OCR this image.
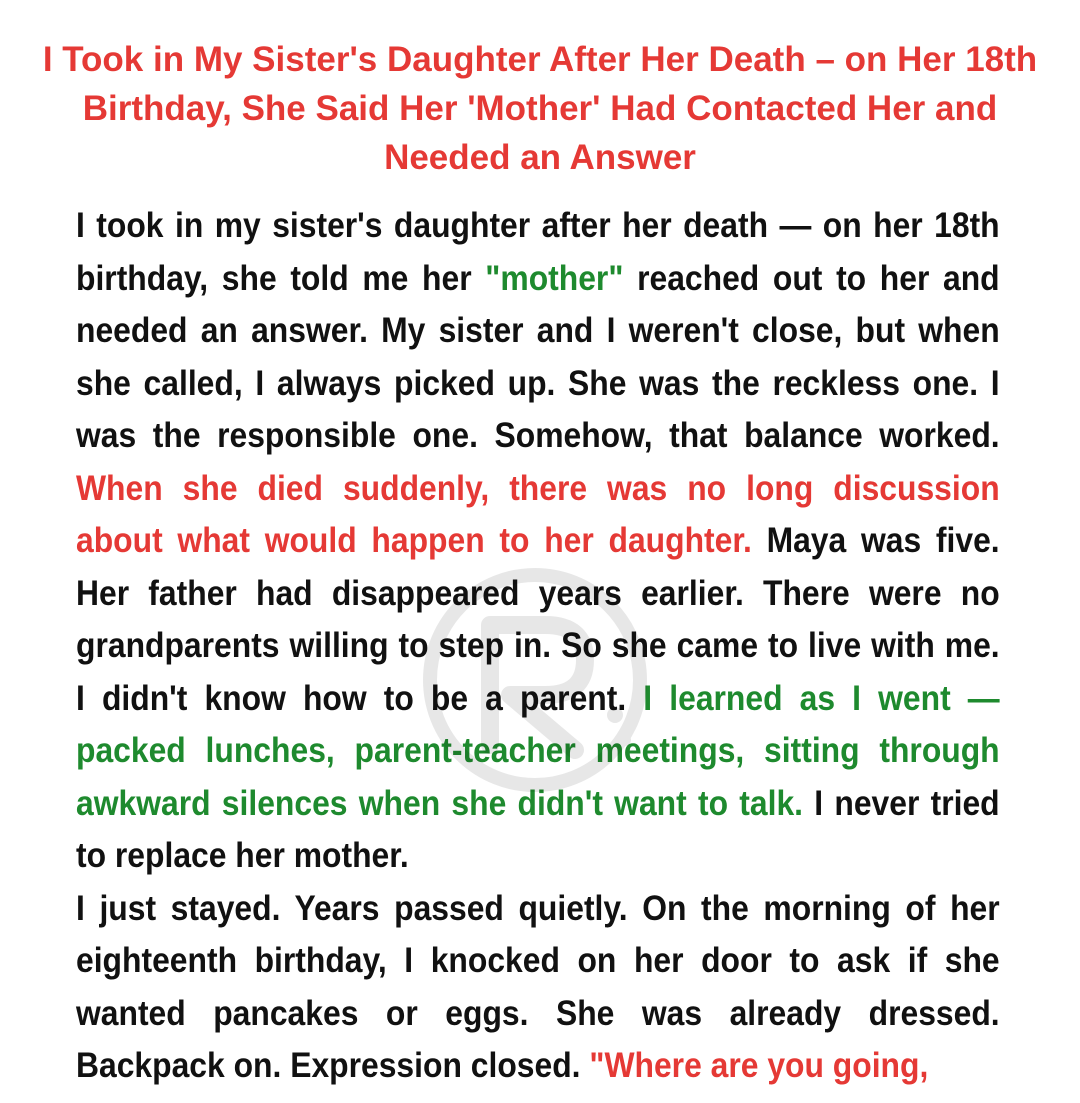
I Took in My Sister's Daughter After Her Death – on Her 18th Birthday, She Said Her 'Mother' Had Contacted Her and Needed an Answer

I took in my sister's daughter after her death — on her 18th birthday, she told me her "mother" reached out to her and needed an answer. My sister and I weren't close, but when she called, I always picked up. She was the reckless one. I was the responsible one. Somehow, that balance worked. When she died suddenly, there was no long discussion about what would happen to her daughter. Maya was five. Her father had disappeared years earlier. There were no grandparents willing to step in. So she came to live with me. I didn't know how to be a parent. I learned as I went — packed lunches, parent-teacher meetings, sitting through awkward silences when she didn't want to talk. I never tried to replace her mother.

I just stayed. Years passed quietly. On the morning of her eighteenth birthday, I knocked on her door to ask if she wanted pancakes or eggs. She was already dressed. Backpack on. Expression closed. "Where are you going,
